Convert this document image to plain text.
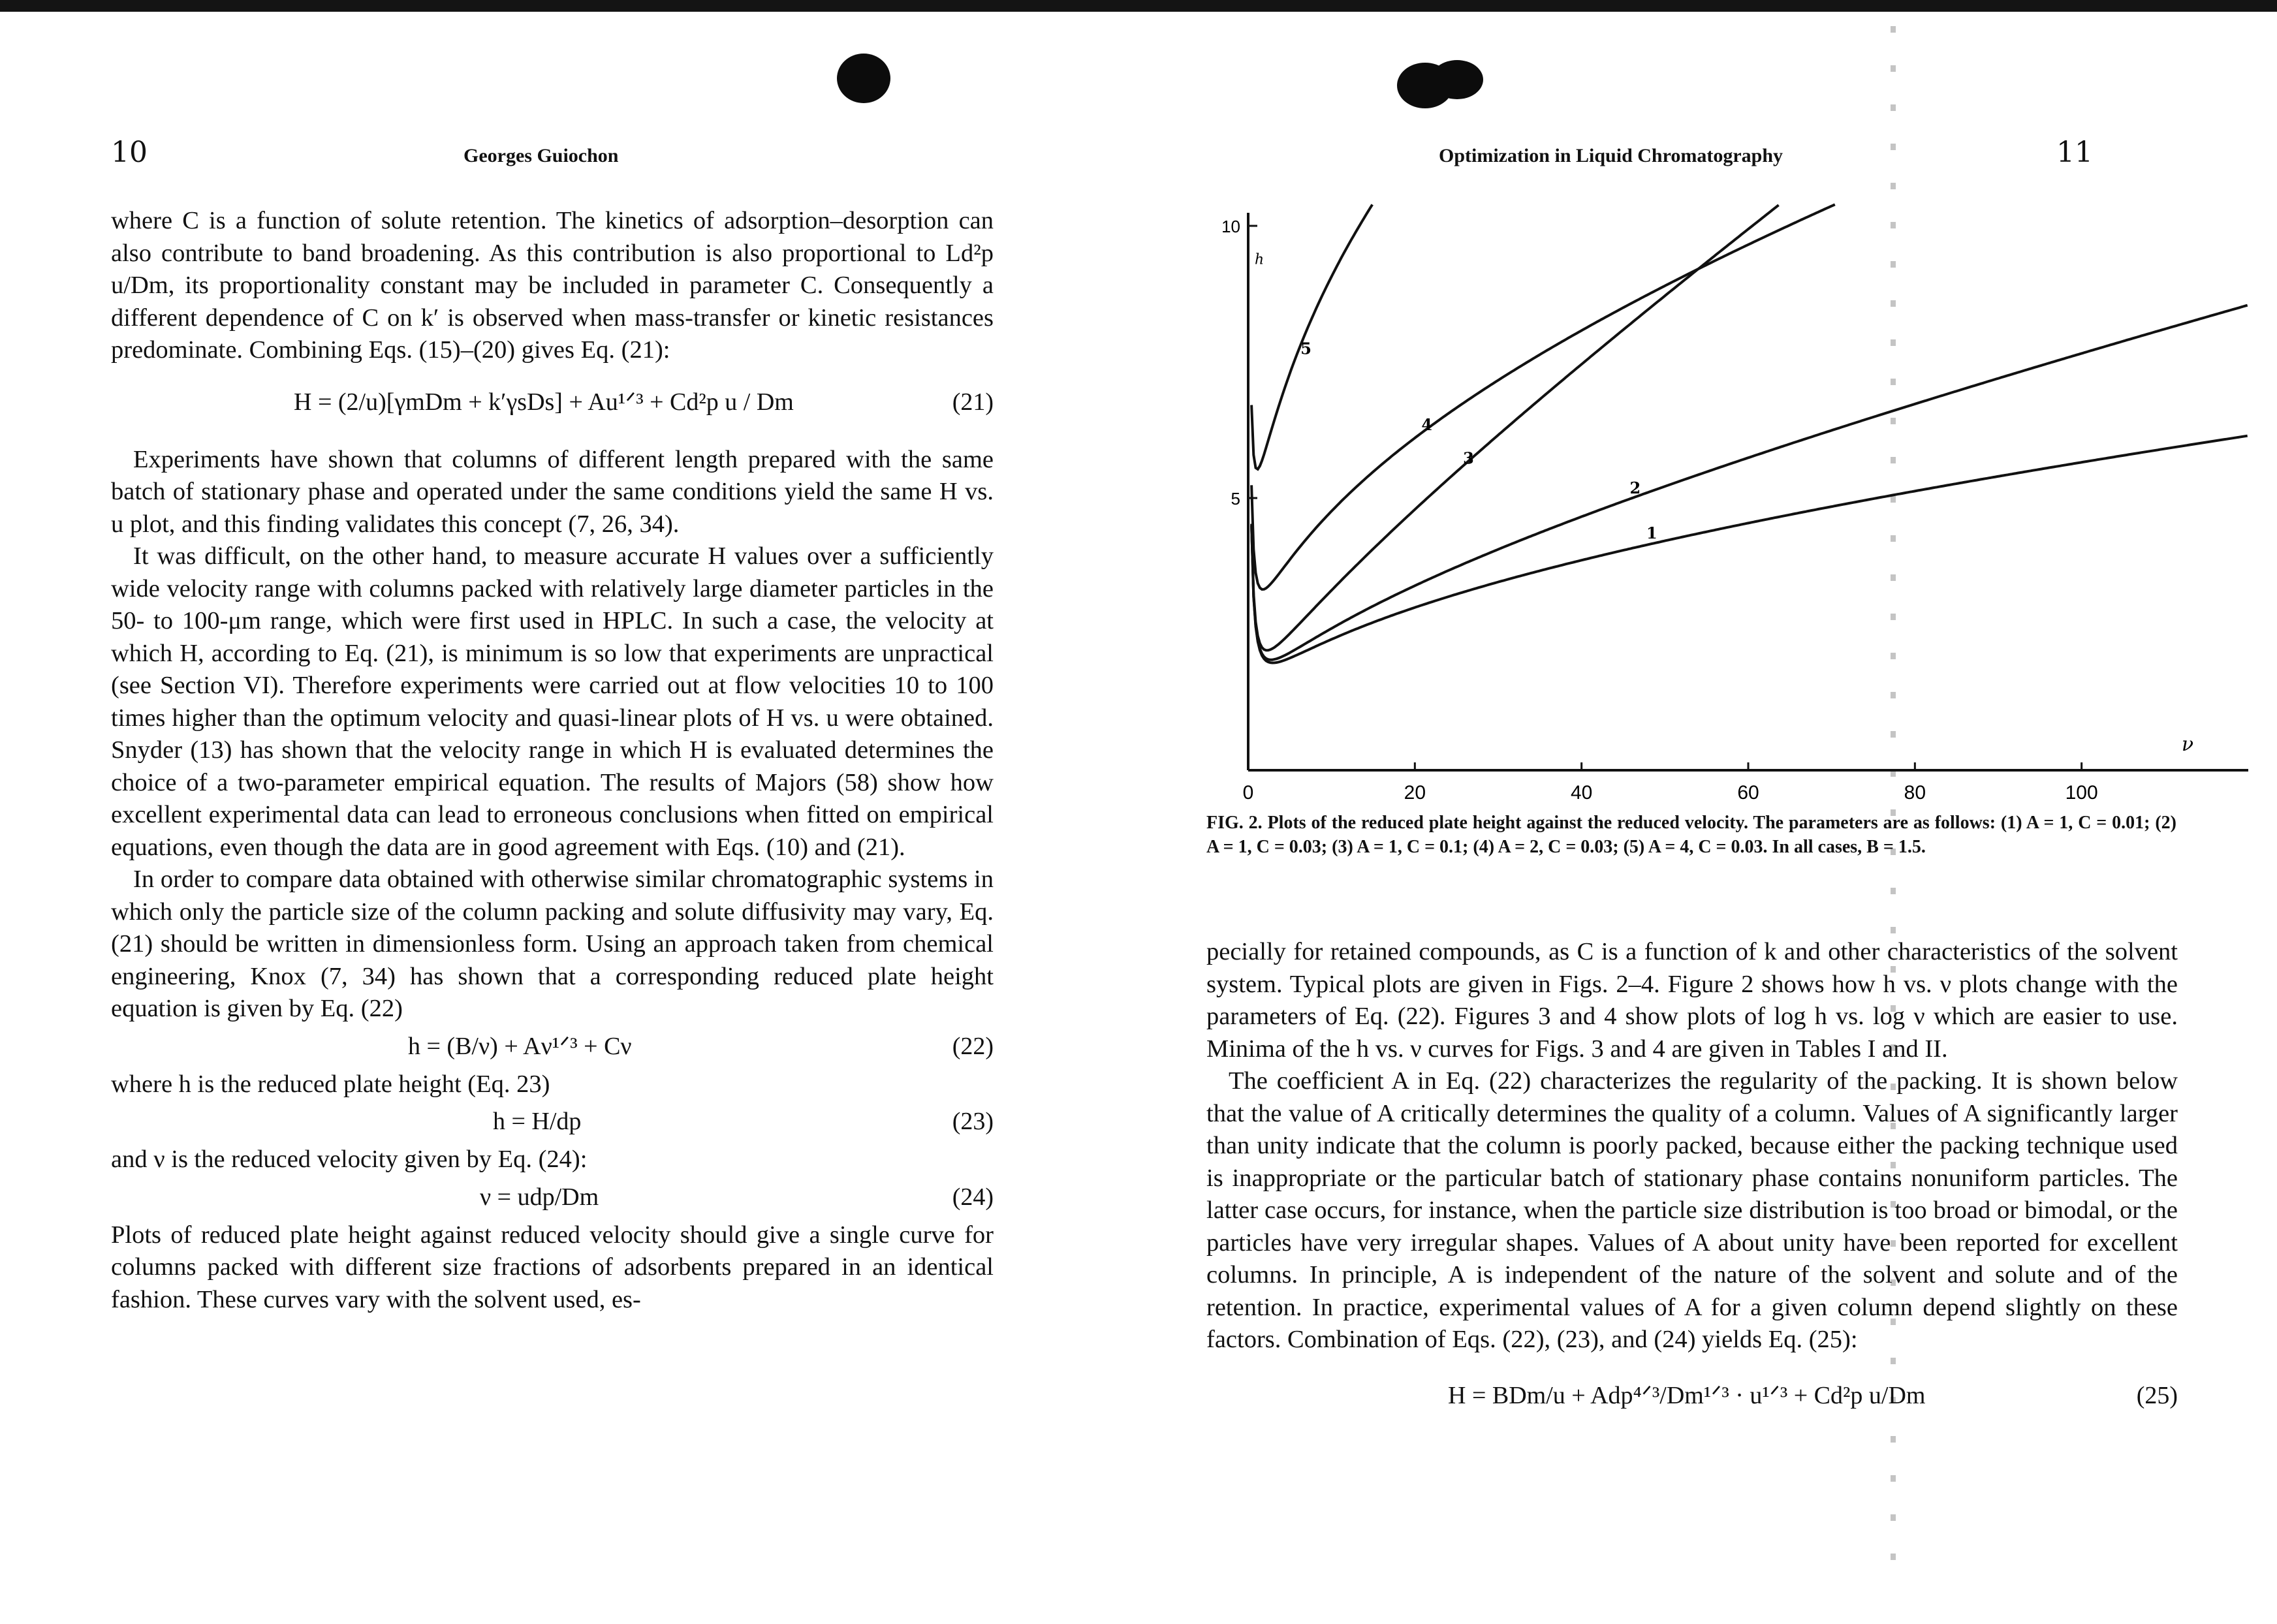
10	Georges Guiochon

where C is a function of solute retention. The kinetics of adsorption–desorption can also contribute to band broadening. As this contribution is also proportional to Ld²p u/Dm, its proportionality constant may be included in parameter C. Consequently a different dependence of C on k′ is observed when mass-transfer or kinetic resistances predominate. Combining Eqs. (15)–(20) gives Eq. (21):

H = (2/u)[γmDm + k′γsDs] + Au¹ᐟ³ + Cd²p u / Dm	(21)

Experiments have shown that columns of different length prepared with the same batch of stationary phase and operated under the same conditions yield the same H vs. u plot, and this finding validates this concept (7, 26, 34).

It was difficult, on the other hand, to measure accurate H values over a sufficiently wide velocity range with columns packed with relatively large diameter particles in the 50- to 100-μm range, which were first used in HPLC. In such a case, the velocity at which H, according to Eq. (21), is minimum is so low that experiments are unpractical (see Section VI). Therefore experiments were carried out at flow velocities 10 to 100 times higher than the optimum velocity and quasi-linear plots of H vs. u were obtained. Snyder (13) has shown that the velocity range in which H is evaluated determines the choice of a two-parameter empirical equation. The results of Majors (58) show how excellent experimental data can lead to erroneous conclusions when fitted on empirical equations, even though the data are in good agreement with Eqs. (10) and (21).

In order to compare data obtained with otherwise similar chromatographic systems in which only the particle size of the column packing and solute diffusivity may vary, Eq. (21) should be written in dimensionless form. Using an approach taken from chemical engineering, Knox (7, 34) has shown that a corresponding reduced plate height equation is given by Eq. (22)

h = (B/ν) + Aν¹ᐟ³ + Cν	(22)

where h is the reduced plate height (Eq. 23)

h = H/dp	(23)

and ν is the reduced velocity given by Eq. (24):

ν = udp/Dm	(24)

Plots of reduced plate height against reduced velocity should give a single curve for columns packed with different size fractions of adsorbents prepared in an identical fashion. These curves vary with the solvent used, es-

Optimization in Liquid Chromatography	11
0	20	40	60	80	100
5
10
ν
h
1
2
3
4
5
FIG. 2. Plots of the reduced plate height against the reduced velocity. The parameters are as follows: (1) A = 1, C = 0.01; (2) A = 1, C = 0.03; (3) A = 1, C = 0.1; (4) A = 2, C = 0.03; (5) A = 4, C = 0.03. In all cases, B = 1.5.

pecially for retained compounds, as C is a function of k and other characteristics of the solvent system. Typical plots are given in Figs. 2–4. Figure 2 shows how h vs. ν plots change with the parameters of Eq. (22). Figures 3 and 4 show plots of log h vs. log ν which are easier to use. Minima of the h vs. ν curves for Figs. 3 and 4 are given in Tables I and II.

The coefficient A in Eq. (22) characterizes the regularity of the packing. It is shown below that the value of A critically determines the quality of a column. Values of A significantly larger than unity indicate that the column is poorly packed, because either the packing technique used is inappropriate or the particular batch of stationary phase contains nonuniform particles. The latter case occurs, for instance, when the particle size distribution is too broad or bimodal, or the particles have very irregular shapes. Values of A about unity have been reported for excellent columns. In principle, A is independent of the nature of the solvent and solute and of the retention. In practice, experimental values of A for a given column depend slightly on these factors. Combination of Eqs. (22), (23), and (24) yields Eq. (25):

H = BDm/u + Adp⁴ᐟ³/Dm¹ᐟ³ · u¹ᐟ³ + Cd²p u/Dm	(25)
